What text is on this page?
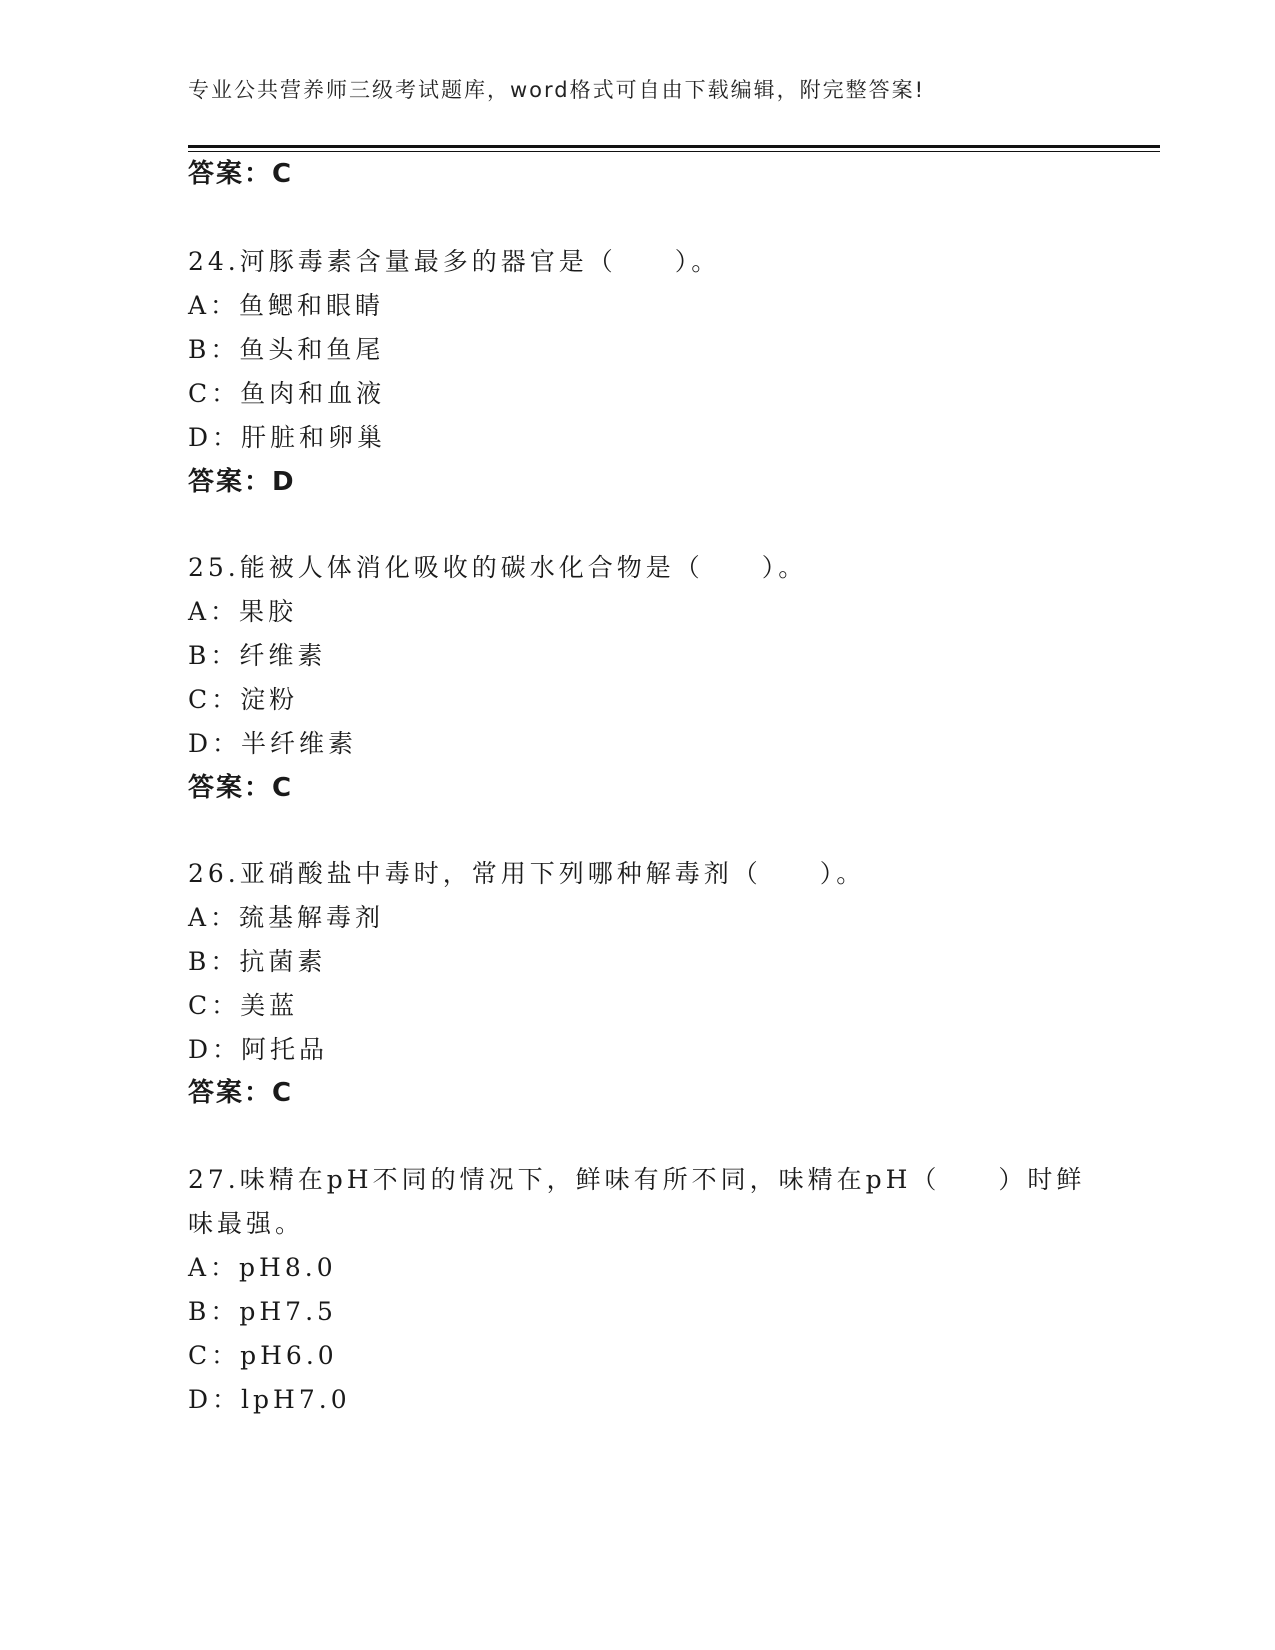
专业公共营养师三级考试题库，word格式可自由下载编辑，附完整答案!
答案：C
24.河豚毒素含量最多的器官是（　　）。
A：鱼鳃和眼睛
B：鱼头和鱼尾
C：鱼肉和血液
D：肝脏和卵巢
答案：D
25.能被人体消化吸收的碳水化合物是（　　）。
A：果胶
B：纤维素
C：淀粉
D：半纤维素
答案：C
26.亚硝酸盐中毒时，常用下列哪种解毒剂（　　）。
A：巯基解毒剂
B：抗菌素
C：美蓝
D：阿托品
答案：C
27.味精在pH不同的情况下，鲜味有所不同，味精在pH（　　）时鲜
味最强。
A：pH8.0
B：pH7.5
C：pH6.0
D：lpH7.0
